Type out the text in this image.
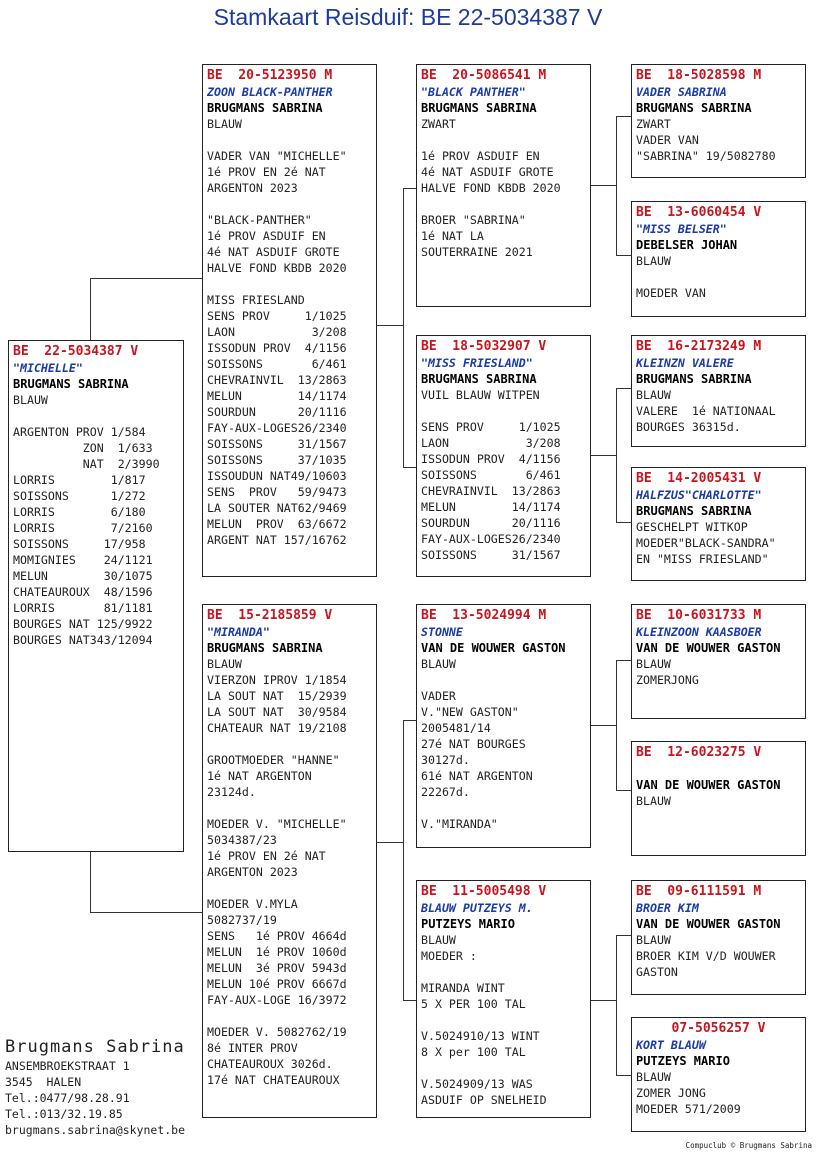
Stamkaart Reisduif: BE 22-5034387 V
BE  22-5034387 V
"MICHELLE"
BRUGMANS SABRINA
BLAUW

ARGENTON PROV 1/584
ZON  1/633
NAT  2/3990
LORRIS        1/817
SOISSONS      1/272
LORRIS        6/180
LORRIS        7/2160
SOISSONS     17/958
MOMIGNIES    24/1121
MELUN        30/1075
CHATEAUROUX  48/1596
LORRIS       81/1181
BOURGES NAT 125/9922
BOURGES NAT343/12094
BE  20-5123950 M
ZOON BLACK-PANTHER
BRUGMANS SABRINA
BLAUW

VADER VAN "MICHELLE"
1é PROV EN 2é NAT
ARGENTON 2023

"BLACK-PANTHER"
1é PROV ASDUIF EN
4é NAT ASDUIF GROTE
HALVE FOND KBDB 2020

MISS FRIESLAND
SENS PROV     1/1025
LAON           3/208
ISSODUN PROV  4/1156
SOISSONS       6/461
CHEVRAINVIL  13/2863
MELUN        14/1174
SOURDUN      20/1116
FAY-AUX-LOGES26/2340
SOISSONS     31/1567
SOISSONS     37/1035
ISSOUDUN NAT49/10603
SENS  PROV   59/9473
LA SOUTER NAT62/9469
MELUN  PROV  63/6672
ARGENT NAT 157/16762
BE  15-2185859 V
"MIRANDA"
BRUGMANS SABRINA
BLAUW
VIERZON IPROV 1/1854
LA SOUT NAT  15/2939
LA SOUT NAT  30/9584
CHATEAUR NAT 19/2108

GROOTMOEDER "HANNE"
1é NAT ARGENTON
23124d.

MOEDER V. "MICHELLE"
5034387/23
1é PROV EN 2é NAT
ARGENTON 2023

MOEDER V.MYLA
5082737/19
SENS   1é PROV 4664d
MELUN  1é PROV 1060d
MELUN  3é PROV 5943d
MELUN 10é PROV 6667d
FAY-AUX-LOGE 16/3972

MOEDER V. 5082762/19
8é INTER PROV
CHATEAUROUX 3026d.
17é NAT CHATEAUROUX
BE  20-5086541 M
"BLACK PANTHER"
BRUGMANS SABRINA
ZWART

1é PROV ASDUIF EN
4é NAT ASDUIF GROTE
HALVE FOND KBDB 2020

BROER "SABRINA"
1é NAT LA
SOUTERRAINE 2021
BE  18-5032907 V
"MISS FRIESLAND"
BRUGMANS SABRINA
VUIL BLAUW WITPEN

SENS PROV     1/1025
LAON           3/208
ISSODUN PROV  4/1156
SOISSONS       6/461
CHEVRAINVIL  13/2863
MELUN        14/1174
SOURDUN      20/1116
FAY-AUX-LOGES26/2340
SOISSONS     31/1567
BE  13-5024994 M
STONNE
VAN DE WOUWER GASTON
BLAUW

VADER
V."NEW GASTON"
2005481/14
27é NAT BOURGES
30127d.
61é NAT ARGENTON
22267d.

V."MIRANDA"
BE  11-5005498 V
BLAUW PUTZEYS M.
PUTZEYS MARIO
BLAUW
MOEDER :

MIRANDA WINT
5 X PER 100 TAL

V.5024910/13 WINT
8 X per 100 TAL

V.5024909/13 WAS
ASDUIF OP SNELHEID
BE  18-5028598 M
VADER SABRINA
BRUGMANS SABRINA
ZWART
VADER VAN
"SABRINA" 19/5082780
BE  13-6060454 V
"MISS BELSER"
DEBELSER JOHAN
BLAUW

MOEDER VAN
BE  16-2173249 M
KLEINZN VALERE
BRUGMANS SABRINA
BLAUW
VALERE  1é NATIONAAL
BOURGES 36315d.
BE  14-2005431 V
HALFZUS"CHARLOTTE"
BRUGMANS SABRINA
GESCHELPT WITKOP
MOEDER"BLACK-SANDRA"
EN "MISS FRIESLAND"
BE  10-6031733 M
KLEINZOON KAASBOER
VAN DE WOUWER GASTON
BLAUW
ZOMERJONG
BE  12-6023275 V
VAN DE WOUWER GASTON
BLAUW
BE  09-6111591 M
BROER KIM
VAN DE WOUWER GASTON
BLAUW
BROER KIM V/D WOUWER
GASTON
07-5056257 V
KORT BLAUW
PUTZEYS MARIO
BLAUW
ZOMER JONG
MOEDER 571/2009
Brugmans Sabrina
ANSEMBROEKSTRAAT 1
3545  HALEN
Tel.:0477/98.28.91
Tel.:013/32.19.85
brugmans.sabrina@skynet.be
Compuclub © Brugmans Sabrina
